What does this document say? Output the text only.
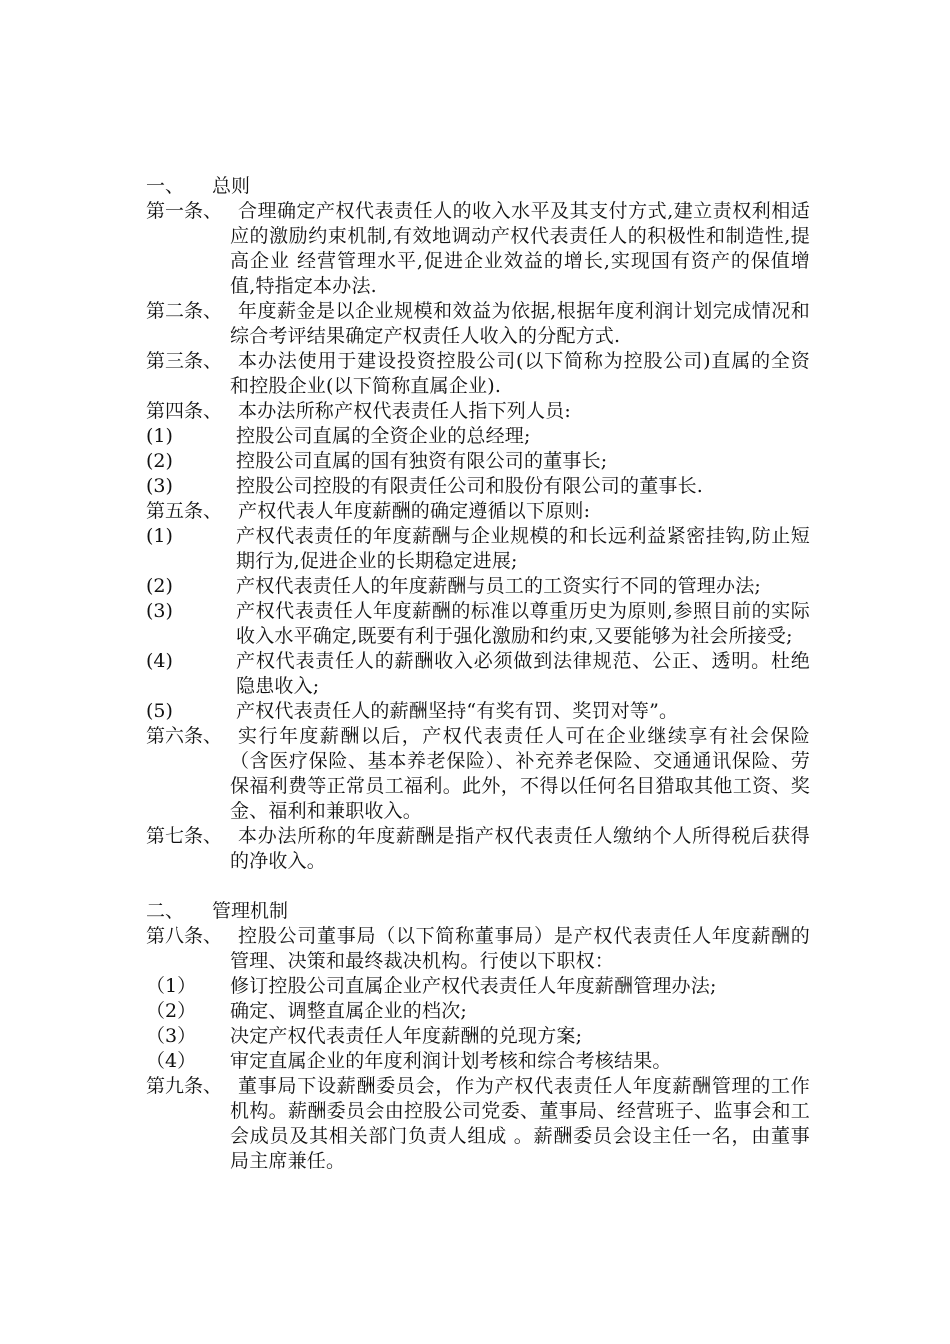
一、	总则
第一条、 合理确定产权代表责任人的收入水平及其支付方式,建立责权利相适应的激励约束机制,有效地调动产权代表责任人的积极性和制造性,提高企业 经营管理水平,促进企业效益的增长,实现国有资产的保值增值,特指定本办法.
第二条、 年度薪金是以企业规模和效益为依据,根据年度利润计划完成情况和综合考评结果确定产权责任人收入的分配方式.
第三条、 本办法使用于建设投资控股公司(以下简称为控股公司)直属的全资和控股企业(以下简称直属企业).
第四条、 本办法所称产权代表责任人指下列人员:
(1)	控股公司直属的全资企业的总经理;
(2)	控股公司直属的国有独资有限公司的董事长;
(3)	控股公司控股的有限责任公司和股份有限公司的董事长.
第五条、 产权代表人年度薪酬的确定遵循以下原则:
(1)	产权代表责任的年度薪酬与企业规模的和长远利益紧密挂钩,防止短期行为,促进企业的长期稳定进展;
(2)	产权代表责任人的年度薪酬与员工的工资实行不同的管理办法;
(3)	产权代表责任人年度薪酬的标准以尊重历史为原则,参照目前的实际收入水平确定,既要有利于强化激励和约束,又要能够为社会所接受;
(4)	产权代表责任人的薪酬收入必须做到法律规范、公正、透明。杜绝隐患收入;
(5)	产权代表责任人的薪酬坚持“有奖有罚、奖罚对等”。
第六条、 实行年度薪酬以后，产权代表责任人可在企业继续享有社会保险（含医疗保险、基本养老保险）、补充养老保险、交通通讯保险、劳保福利费等正常员工福利。此外，不得以任何名目猎取其他工资、奖金、福利和兼职收入。
第七条、 本办法所称的年度薪酬是指产权代表责任人缴纳个人所得税后获得的净收入。
二、	管理机制
第八条、 控股公司董事局（以下简称董事局）是产权代表责任人年度薪酬的管理、决策和最终裁决机构。行使以下职权：
（1）	修订控股公司直属企业产权代表责任人年度薪酬管理办法;
（2）	确定、调整直属企业的档次;
（3）	决定产权代表责任人年度薪酬的兑现方案;
（4）	审定直属企业的年度利润计划考核和综合考核结果。
第九条、 董事局下设薪酬委员会，作为产权代表责任人年度薪酬管理的工作机构。薪酬委员会由控股公司党委、董事局、经营班子、监事会和工会成员及其相关部门负责人组成 。薪酬委员会设主任一名，由董事局主席兼任。
